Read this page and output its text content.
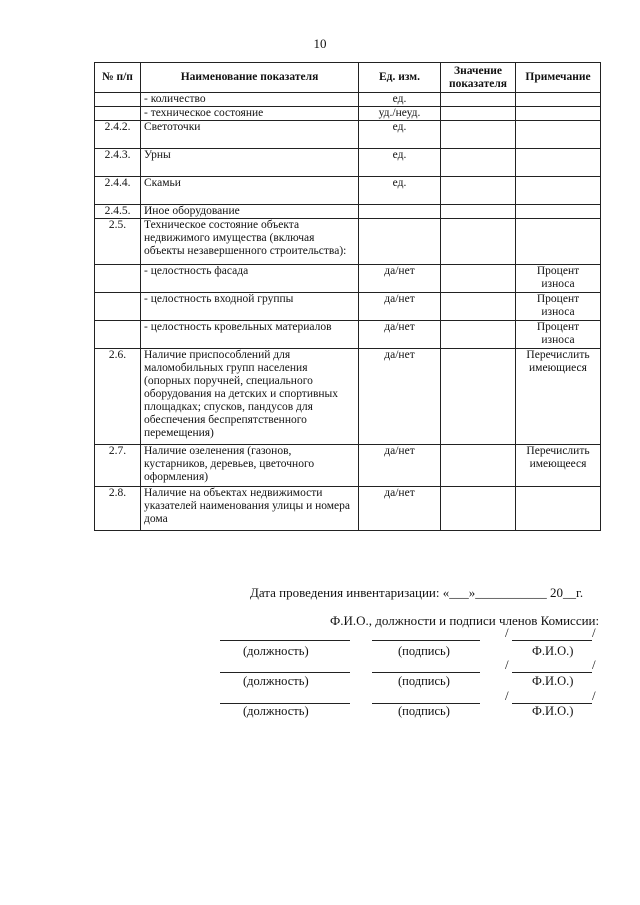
10
№ п/п	Наименование показателя	Ед. изм.	Значение показателя	Примечание
	- количество	ед.		
	- техническое состояние	уд./неуд.		
2.4.2.	Светоточки	ед.		
2.4.3.	Урны	ед.		
2.4.4.	Скамьи	ед.		
2.4.5.	Иное оборудование			
2.5.	Техническое состояние объекта недвижимого имущества (включая объекты незавершенного строительства):			
	- целостность фасада	да/нет		Процент износа
	- целостность входной группы	да/нет		Процент износа
	- целостность кровельных материалов	да/нет		Процент износа
2.6.	Наличие приспособлений для маломобильных групп населения (опорных поручней, специального оборудования на детских и спортивных площадках; спусков, пандусов для обеспечения беспрепятственного перемещения)	да/нет		Перечислить имеющиеся
2.7.	Наличие озеленения (газонов, кустарников, деревьев, цветочного оформления)	да/нет		Перечислить имеющееся
2.8.	Наличие на объектах недвижимости указателей наименования улицы и номера дома	да/нет		
Дата проведения инвентаризации: «___»___________ 20__г.
Ф.И.О., должности и подписи членов Комиссии:
/	/
(должность)	(подпись)	Ф.И.О.)
/	/
(должность)	(подпись)	Ф.И.О.)
/	/
(должность)	(подпись)	Ф.И.О.)
